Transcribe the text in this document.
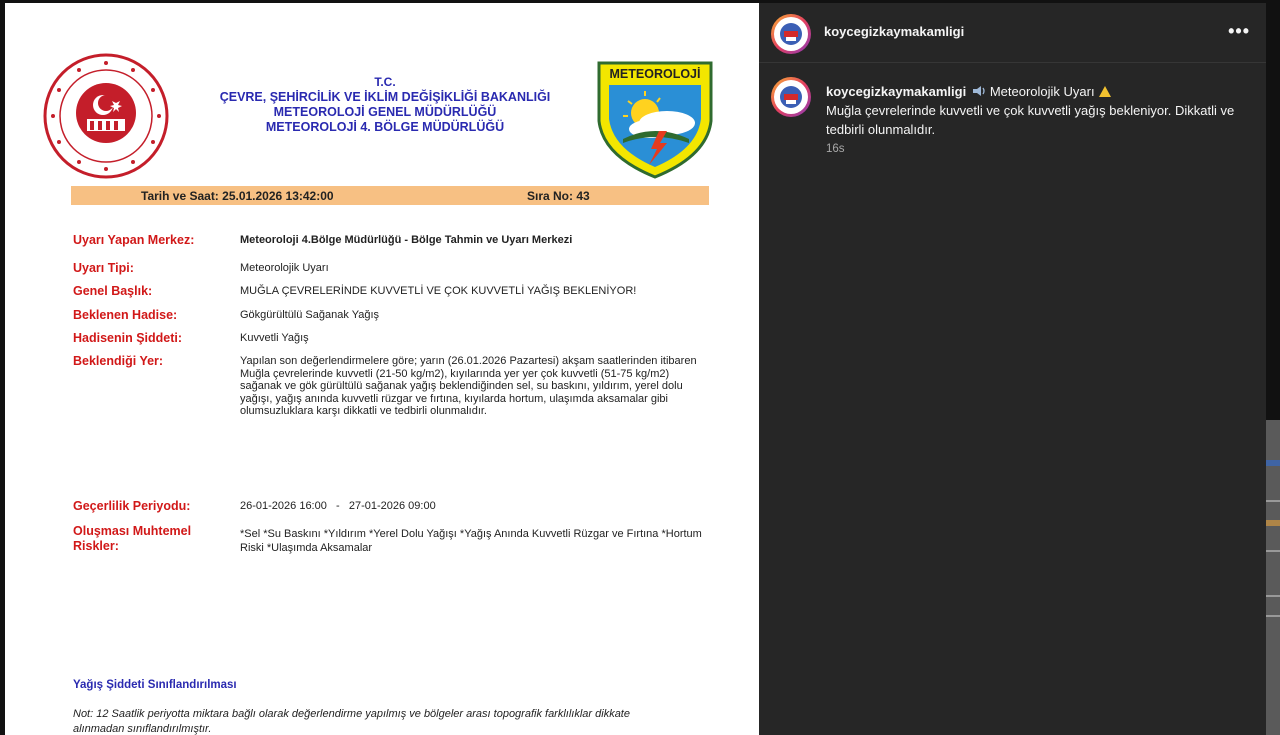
T.C.
ÇEVRE, ŞEHİRCİLİK VE İKLİM DEĞİŞİKLİĞİ BAKANLIĞI
METEOROLOJİ GENEL MÜDÜRLÜĞÜ
METEOROLOJİ 4. BÖLGE MÜDÜRLÜĞÜ
METEOROLOJİ
Tarih ve Saat: 25.01.2026 13:42:00	Sıra No: 43
Uyarı Yapan Merkez:	Meteoroloji 4.Bölge Müdürlüğü - Bölge Tahmin ve Uyarı Merkezi
Uyarı Tipi:	Meteorolojik Uyarı
Genel Başlık:	MUĞLA ÇEVRELERİNDE KUVVETLİ VE ÇOK KUVVETLİ YAĞIŞ BEKLENİYOR!
Beklenen Hadise:	Gökgürültülü Sağanak Yağış
Hadisenin Şiddeti:	Kuvvetli Yağış
Beklendiği Yer:	Yapılan son değerlendirmelere göre; yarın (26.01.2026 Pazartesi) akşam saatlerinden itibaren Muğla çevrelerinde kuvvetli (21-50 kg/m2), kıyılarında yer yer çok kuvvetli (51-75 kg/m2) sağanak ve gök gürültülü sağanak yağış beklendiğinden sel, su baskını, yıldırım, yerel dolu yağışı, yağış anında kuvvetli rüzgar ve fırtına, kıyılarda hortum, ulaşımda aksamalar gibi olumsuzluklara karşı dikkatli ve tedbirli olunmalıdır.
Geçerlilik Periyodu:	26-01-2026 16:00   -   27-01-2026 09:00
Oluşması Muhtemel Riskler:
*Sel *Su Baskını *Yıldırım *Yerel Dolu Yağışı *Yağış Anında Kuvvetli Rüzgar ve Fırtına *Hortum Riski *Ulaşımda Aksamalar
Yağış Şiddeti Sınıflandırılması
Not: 12 Saatlik periyotta miktara bağlı olarak değerlendirme yapılmış ve bölgeler arası topografik farklılıklar dikkate alınmadan sınıflandırılmıştır.
koycegizkaymakamligi	•••
koycegizkaymakamligi Meteorolojik Uyarı
Muğla çevrelerinde kuvvetli ve çok kuvvetli yağış bekleniyor. Dikkatli ve tedbirli olunmalıdır.
16s
